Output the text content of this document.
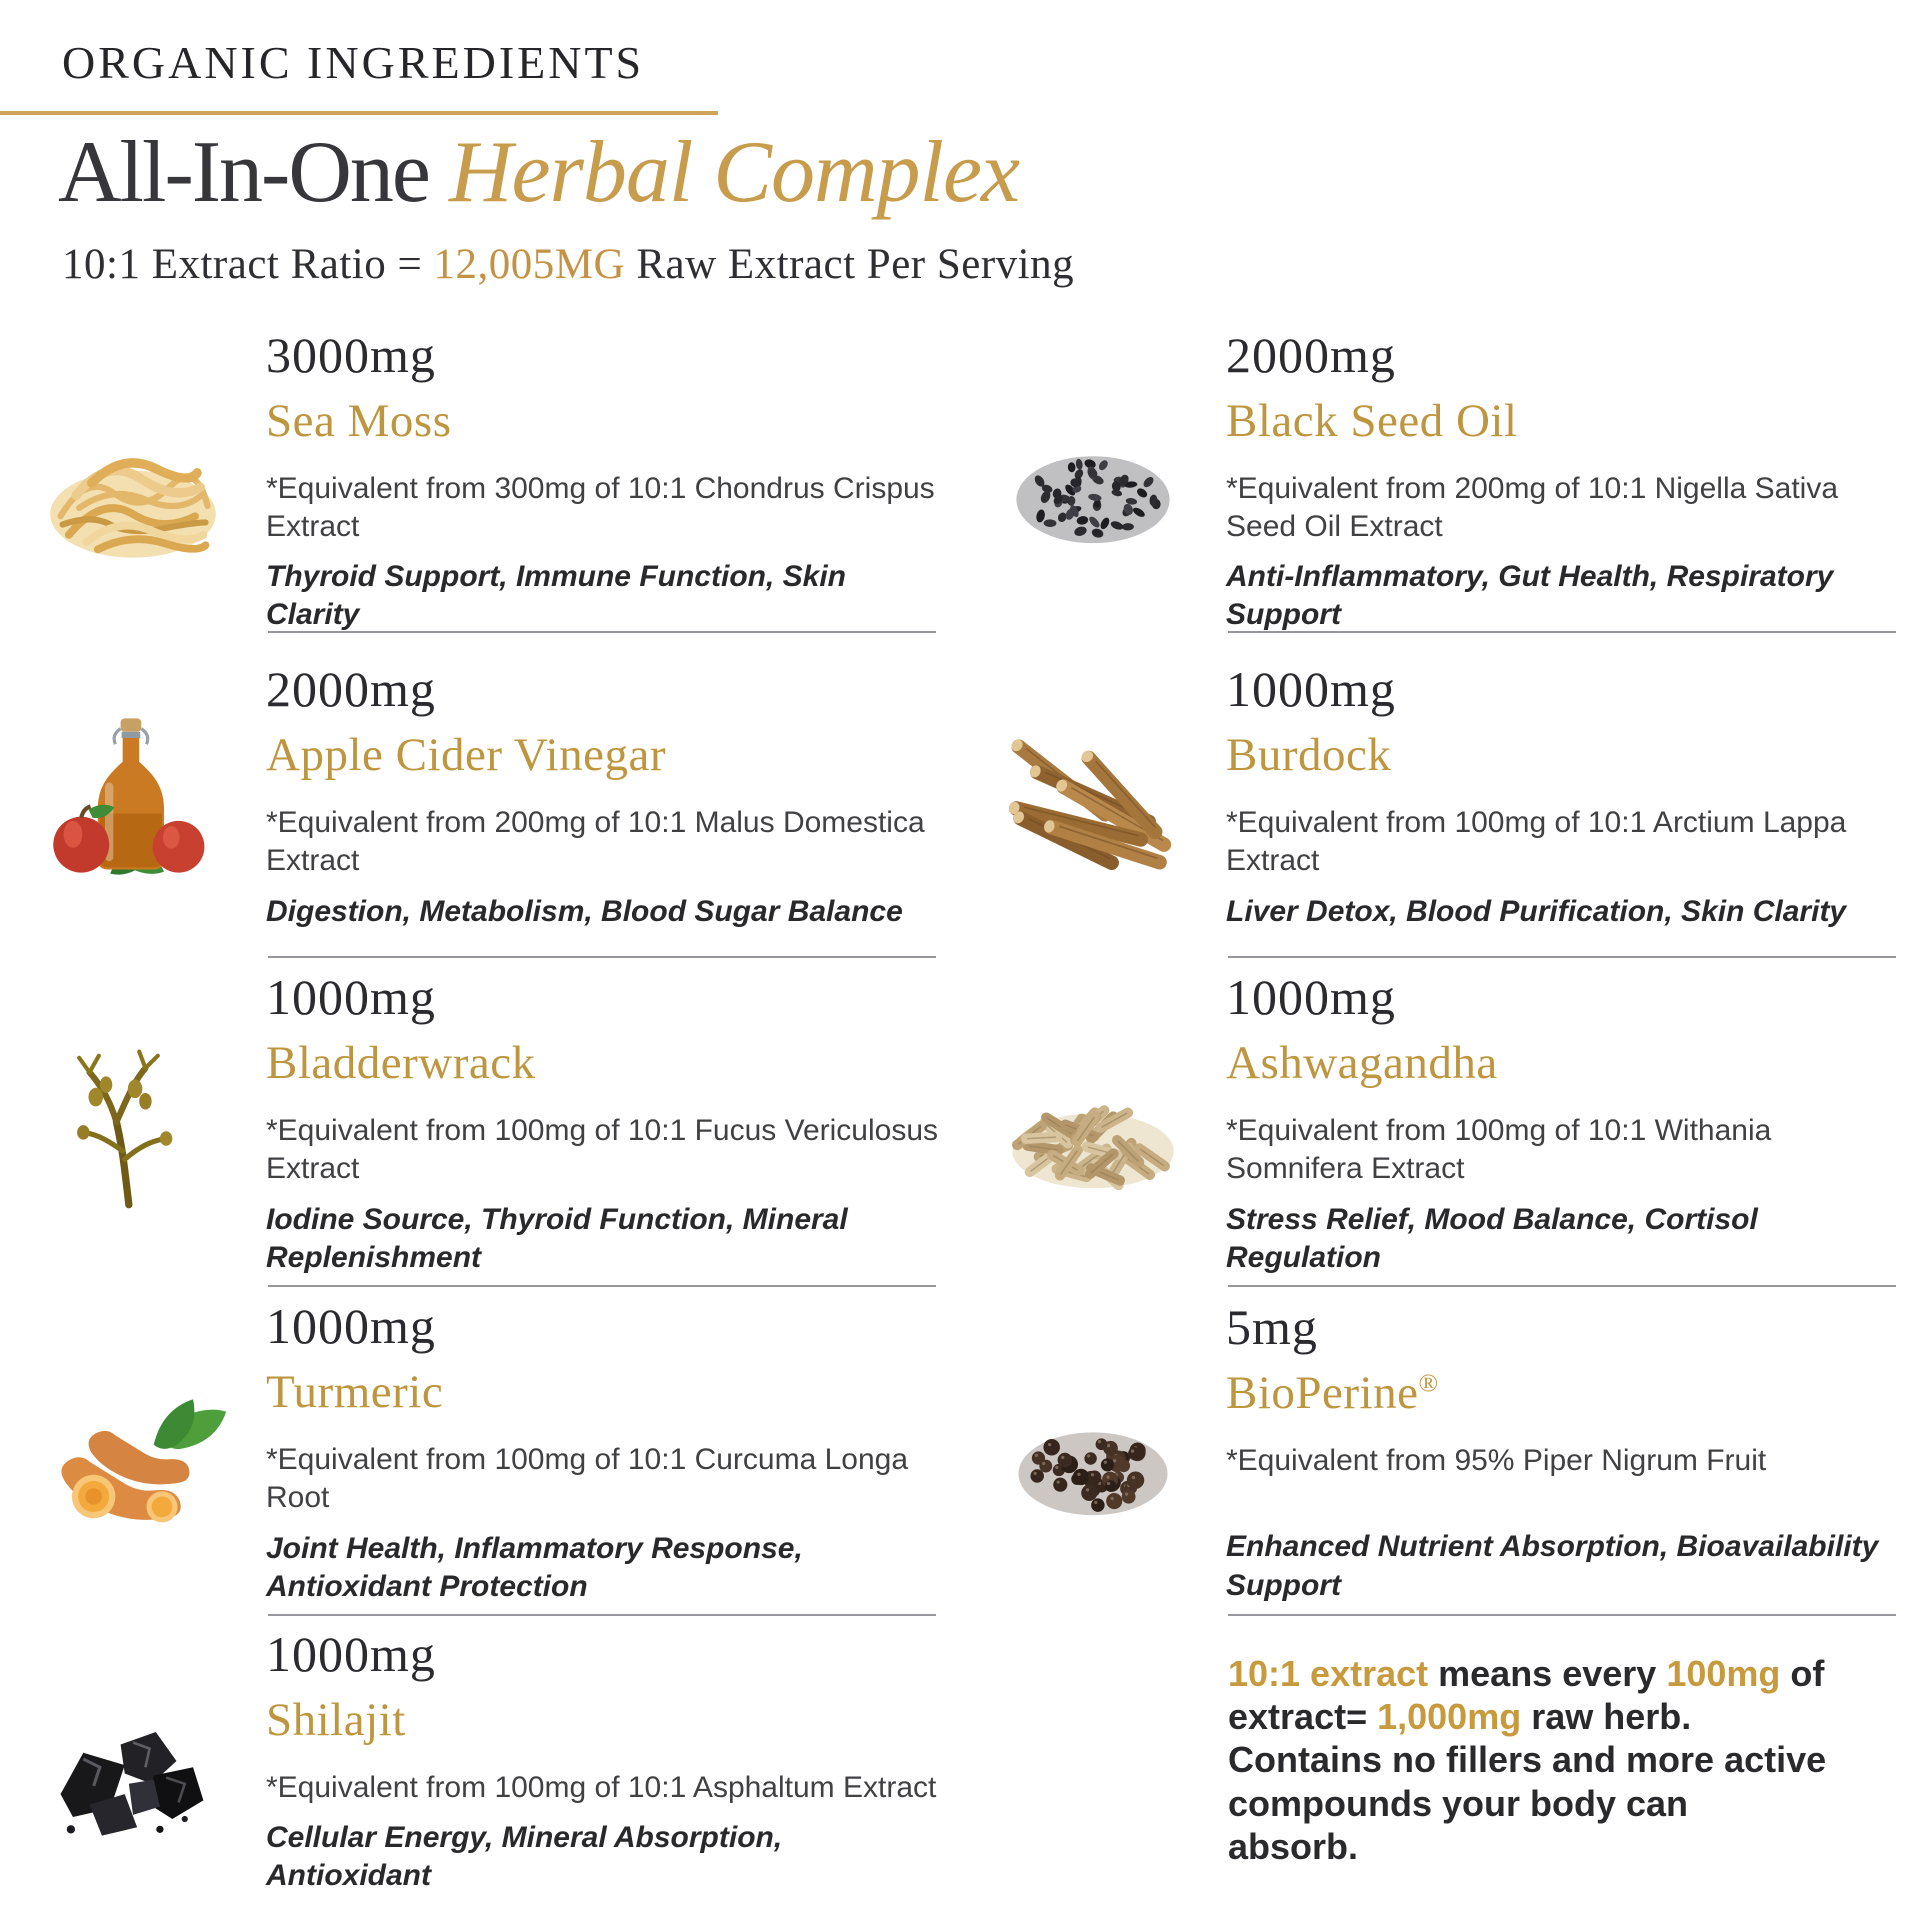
ORGANIC INGREDIENTS
All-In-One Herbal Complex
10:1 Extract Ratio = 12,005MG Raw Extract Per Serving
3000mg
Sea Moss
*Equivalent from 300mg of 10:1 Chondrus Crispus Extract
Thyroid Support, Immune Function, Skin Clarity
2000mg
Black Seed Oil
*Equivalent from 200mg of 10:1 Nigella Sativa Seed Oil Extract
Anti-Inflammatory, Gut Health, Respiratory Support
2000mg
Apple Cider Vinegar
*Equivalent from 200mg of 10:1 Malus Domestica Extract
Digestion, Metabolism, Blood Sugar Balance
1000mg
Burdock
*Equivalent from 100mg of 10:1 Arctium Lappa Extract
Liver Detox, Blood Purification, Skin Clarity
1000mg
Bladderwrack
*Equivalent from 100mg of 10:1 Fucus Vericulosus Extract
Iodine Source, Thyroid Function, Mineral Replenishment
1000mg
Ashwagandha
*Equivalent from 100mg of 10:1 Withania Somnifera Extract
Stress Relief, Mood Balance, Cortisol Regulation
1000mg
Turmeric
*Equivalent from 100mg of 10:1 Curcuma Longa Root
Joint Health, Inflammatory Response, Antioxidant Protection
5mg
BioPerine®
*Equivalent from 95% Piper Nigrum Fruit
Enhanced Nutrient Absorption, Bioavailability Support
1000mg
Shilajit
*Equivalent from 100mg of 10:1 Asphaltum Extract
Cellular Energy, Mineral Absorption, Antioxidant

10:1 extract means every 100mg of extract= 1,000mg raw herb. Contains no fillers and more active compounds your body can absorb.
